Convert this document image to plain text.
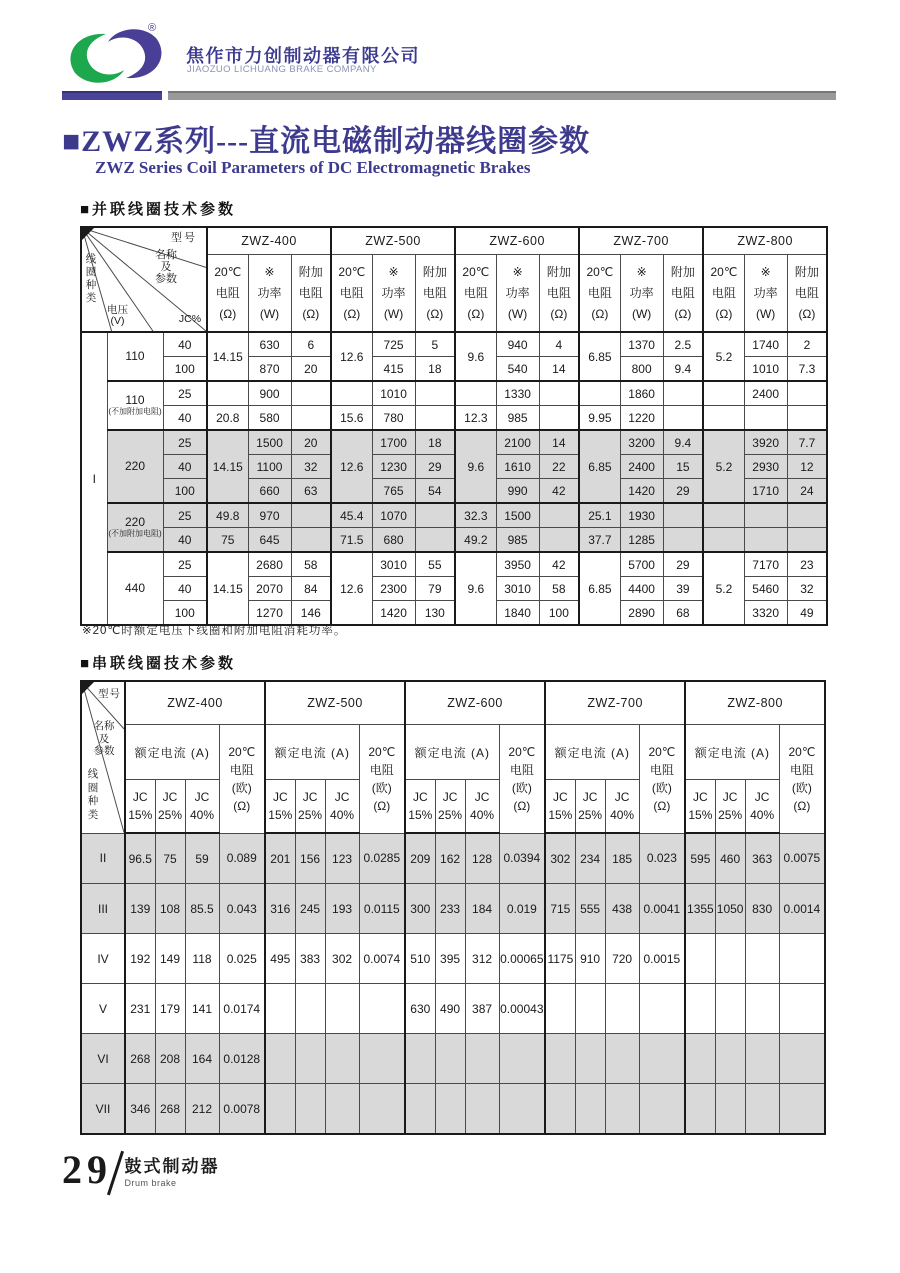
®
焦作市力创制动器有限公司
JIAOZUO LICHUANG BRAKE COMPANY
■ZWZ系列---直流电磁制动器线圈参数
ZWZ Series Coil Parameters of DC Electromagnetic Brakes
■并联线圈技术参数
型号
名称
及
参数
线圈种类
电压
(V)	JC%
	ZWZ-400	ZWZ-500	ZWZ-600	ZWZ-700	ZWZ-800
			20℃
电阻
(Ω)	※
功率
(W)	附加
电阻
(Ω)	20℃
电阻
(Ω)	※
功率
(W)	附加
电阻
(Ω)	20℃
电阻
(Ω)	※
功率
(W)	附加
电阻
(Ω)	20℃
电阻
(Ω)	※
功率
(W)	附加
电阻
(Ω)	20℃
电阻
(Ω)	※
功率
(W)	附加
电阻
(Ω)
I	110	40	14.15	630	6	12.6	725	5	9.6	940	4	6.85	1370	2.5	5.2	1740	2
		100		870	20		415	18		540	14		800	9.4		1010	7.3
	110
(不加附加电阻)	25		900			1010			1330			1860			2400	
		40	20.8	580		15.6	780		12.3	985		9.95	1220				
	220	25	14.15	1500	20	12.6	1700	18	9.6	2100	14	6.85	3200	9.4	5.2	3920	7.7
		40		1100	32		1230	29		1610	22		2400	15		2930	12
		100		660	63		765	54		990	42		1420	29		1710	24
	220
(不加附加电阻)	25	49.8	970		45.4	1070		32.3	1500		25.1	1930				
		40	75	645		71.5	680		49.2	985		37.7	1285				
	440	25	14.15	2680	58	12.6	3010	55	9.6	3950	42	6.85	5700	29	5.2	7170	23
		40		2070	84		2300	79		3010	58		4400	39		5460	32
		100		1270	146		1420	130		1840	100		2890	68		3320	49
※20℃时额定电压下线圈和附加电阻消耗功率。
■串联线圈技术参数
型号
名称
及
参数
线圈种类	ZWZ-400				ZWZ-500				ZWZ-600				ZWZ-700				ZWZ-800			
	额定电流 (A)			20℃
电阻
(欧)
(Ω)	额定电流 (A)			20℃
电阻
(欧)
(Ω)	额定电流 (A)			20℃
电阻
(欧)
(Ω)	额定电流 (A)			20℃
电阻
(欧)
(Ω)	额定电流 (A)			20℃
电阻
(欧)
(Ω)
	JC
15%	JC
25%	JC
40%		JC
15%	JC
25%	JC
40%		JC
15%	JC
25%	JC
40%		JC
15%	JC
25%	JC
40%		JC
15%	JC
25%	JC
40%	
II	96.5	75	59	0.089	201	156	123	0.0285	209	162	128	0.0394	302	234	185	0.023	595	460	363	0.0075
III	139	108	85.5	0.043	316	245	193	0.0115	300	233	184	0.019	715	555	438	0.0041	1355	1050	830	0.0014
IV	192	149	118	0.025	495	383	302	0.0074	510	395	312	0.00065	1175	910	720	0.0015				
V	231	179	141	0.0174					630	490	387	0.00043								
VI	268	208	164	0.0128																
VII	346	268	212	0.0078																
29 鼓式制动器
Drum brake
